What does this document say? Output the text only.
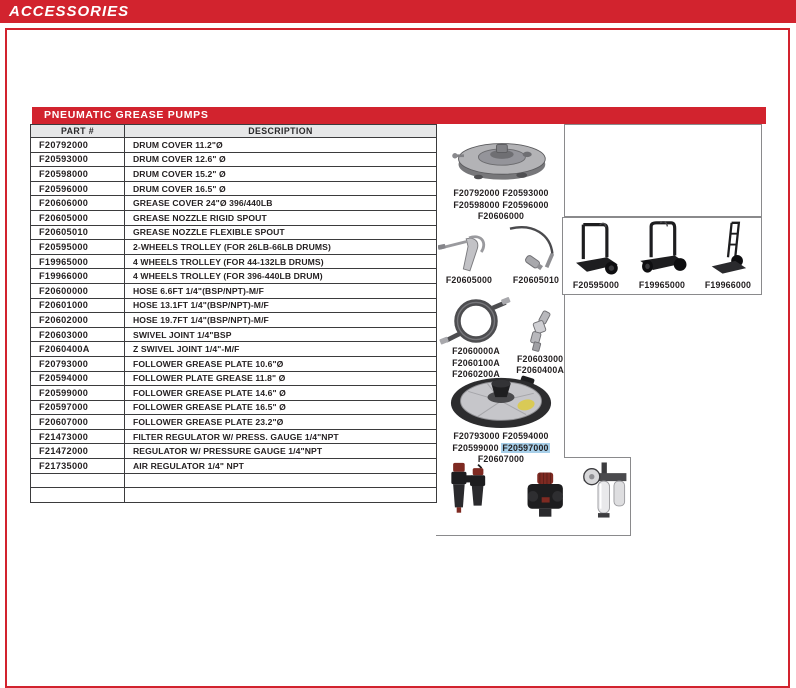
ACCESSORIES
PNEUMATIC GREASE PUMPS
PART #	DESCRIPTION
F20792000	DRUM COVER 11.2"Ø
F20593000	DRUM COVER 12.6" Ø
F20598000	DRUM COVER 15.2" Ø
F20596000	DRUM COVER 16.5" Ø
F20606000	GREASE COVER 24"Ø 396/440LB
F20605000	GREASE NOZZLE RIGID SPOUT
F20605010	GREASE NOZZLE FLEXIBLE SPOUT
F20595000	2-WHEELS TROLLEY (FOR 26LB-66LB DRUMS)
F19965000	4 WHEELS TROLLEY (FOR 44-132LB DRUMS)
F19966000	4 WHEELS TROLLEY (FOR 396-440LB DRUM)
F20600000	HOSE 6.6FT 1/4"(BSP/NPT)-M/F
F20601000	HOSE 13.1FT 1/4"(BSP/NPT)-M/F
F20602000	HOSE 19.7FT 1/4"(BSP/NPT)-M/F
F20603000	SWIVEL JOINT 1/4"BSP
F2060400A	Z SWIVEL JOINT 1/4"-M/F
F20793000	FOLLOWER GREASE PLATE 10.6"Ø
F20594000	FOLLOWER PLATE GREASE 11.8" Ø
F20599000	FOLLOWER GREASE PLATE 14.6" Ø
F20597000	FOLLOWER GREASE PLATE 16.5" Ø
F20607000	FOLLOWER GREASE PLATE 23.2"Ø
F21473000	FILTER REGULATOR W/ PRESS. GAUGE 1/4"NPT
F21472000	REGULATOR W/ PRESSURE GAUGE 1/4"NPT
F21735000	AIR REGULATOR 1/4" NPT

F20595000 F19965000 F19966000
F20792000 F20593000
F20598000 F20596000
F20606000
F20605000 F20605010
F2060000A
F2060100A
F2060200A
F20603000
F2060400A
F20793000 F20594000
F20599000 F20597000
F20607000
